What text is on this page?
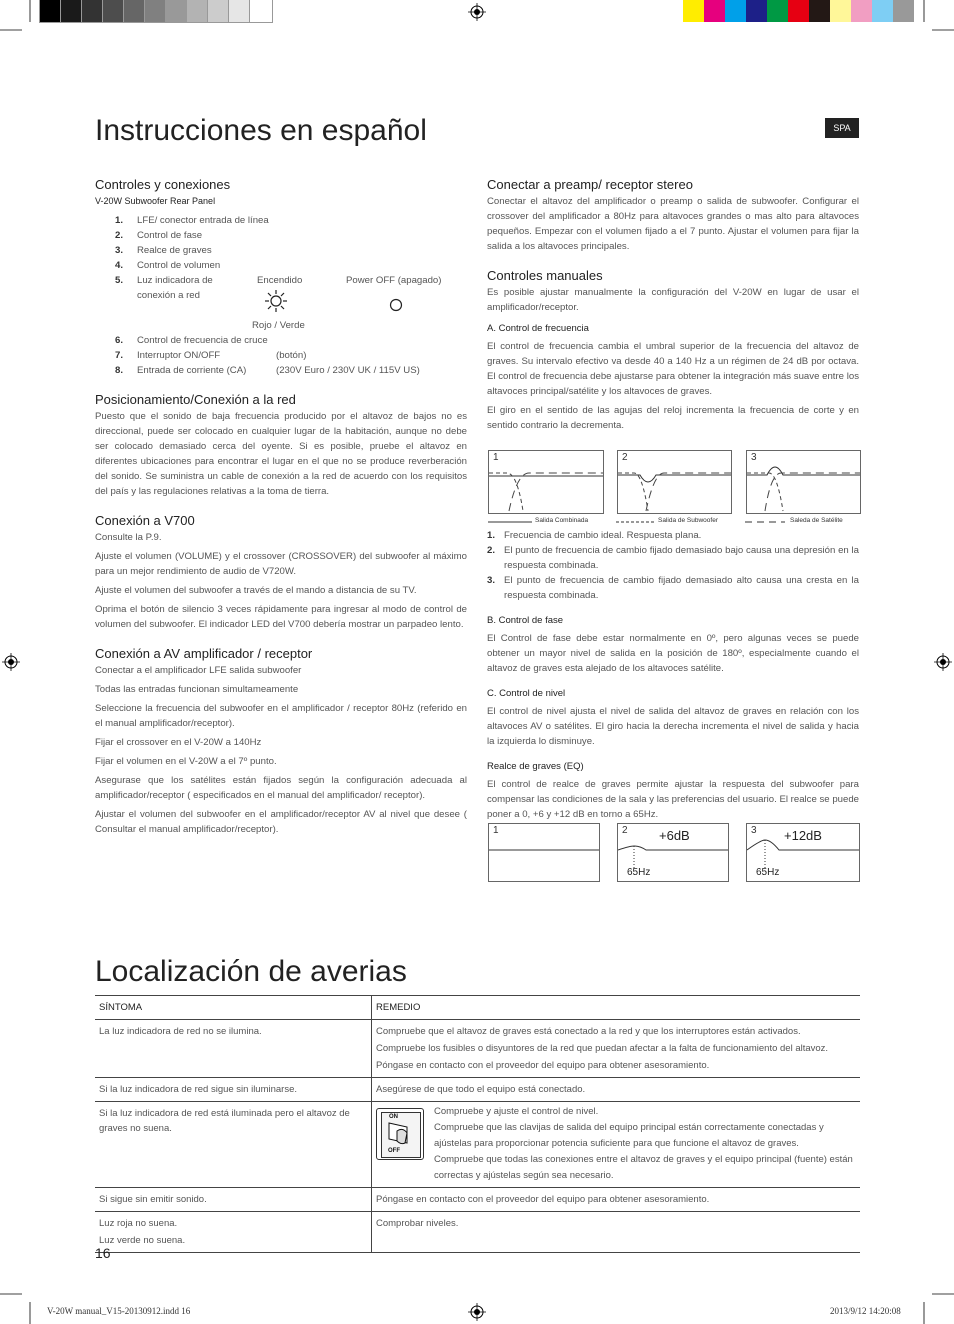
Instrucciones en español	SPA
Controles y conexiones
V-20W Subwoofer Rear Panel
1. LFE/ conector entrada de línea
2. Control de fase
3. Realce de graves
4. Control de volumen
5. Luz indicadora de
conexión a red
Encendido	Power OFF (apagado)
Rojo / Verde
6. Control de frecuencia de cruce
7. Interruptor ON/OFF	(botón)
8. Entrada de corriente (CA)	(230V Euro / 230V UK / 115V US)
Posicionamiento/Conexión a la red

Puesto que el sonido de baja frecuencia producido por el altavoz de bajos no es direccional, puede ser colocado en cualquier lugar de la habitación, aunque no debe ser colocado demasiado cerca del oyente. Si es posible, pruebe el altavoz en diferentes ubicaciones para encontrar el lugar en el que no se produce reverberación del sonido. Se suministra un cable de conexión a la red de acuerdo con los requisitos del país y las regulaciones relativas a la toma de tierra.

Conexión a V700

Consulte la P.9.

Ajuste el volumen (VOLUME) y el crossover (CROSSOVER) del subwoofer al máximo para un mejor rendimiento de audio de V720W.

Ajuste el volumen del subwoofer a través de el mando a distancia de su TV.

Oprima el botón de silencio 3 veces rápidamente para ingresar al modo de control de volumen del subwoofer. El indicador LED del V700 debería mostrar un parpadeo lento.

Conexión a AV amplificador / receptor

Conectar a el amplificador LFE salida subwoofer

Todas las entradas funcionan simultameamente

Seleccione la frecuencia del subwoofer en el amplificador / receptor 80Hz (referido en el manual amplificador/receptor).

Fijar el crossover en el V-20W a 140Hz

Fijar el volumen en el V-20W a el 7º punto.

Asegurase que los satélites están fijados según la configuración adecuada al amplificador/receptor ( especificados en el manual del amplificador/ receptor).

Ajustar el volumen del subwoofer en el amplificador/receptor AV al nivel que desee ( Consultar el manual amplificador/receptor).

Conectar a preamp/ receptor stereo

Conectar el altavoz del amplificador o preamp o salida de subwoofer. Configurar el crossover del amplificador a 80Hz para altavoces grandes o mas alto para altavoces pequeños. Empezar con el volumen fijado a el 7 punto. Ajustar el volumen para fijar la salida a los altavoces principales.

Controles manuales

Es posible ajustar manualmente la configuración del V-20W en lugar de usar el amplificador/receptor.

A. Control de frecuencia

El control de frecuencia cambia el umbral superior de la frecuencia del altavoz de graves. Su intervalo efectivo va desde 40 a 140 Hz a un régimen de 24 dB por octava. El control de frecuencia debe ajustarse para obtener la integración más suave entre los altavoces principal/satélite y los altavoces de graves.

El giro en el sentido de las agujas del reloj incrementa la frecuencia de corte y en sentido contrario la decrementa.

1	2	3
Salida Combinada	Salida de Subwoofer	Saleda de Satélite
1. Frecuencia de cambio ideal. Respuesta plana.
2. El punto de frecuencia de cambio fijado demasiado bajo causa una depresión en la respuesta combinada.
3. El punto de frecuencia de cambio fijado demasiado alto causa una cresta en la respuesta combinada.
B. Control de fase

El Control de fase debe estar normalmente en 0º, pero algunas veces se puede obtener un mayor nivel de salida en la posición de 180º, especialmente cuando el altavoz de graves esta alejado de los altavoces satélite.

C. Control de nivel

El control de nivel ajusta el nivel de salida del altavoz de graves en relación con los altavoces AV o satélites. El giro hacia la derecha incrementa el nivel de salida y hacia la izquierda lo disminuye.

Realce de graves (EQ)

El control de realce de graves permite ajustar la respuesta del subwoofer para compensar las condiciones de la sala y las preferencias del usuario. El realce se puede poner a 0, +6 y +12 dB en torno a 65Hz.

1	2 +6dB
65Hz
3 +12dB
65Hz
Localización de averias
SÍNTOMA	REMEDIO

La luz indicadora de red no se ilumina.	Compruebe que el altavoz de graves está conectado a la red y que los interruptores están activados.
Compruebe los fusibles o disyuntores de la red que puedan afectar a la falta de funcionamiento del altavoz.
Póngase en contacto con el proveedor del equipo para obtener asesoramiento.

Si la luz indicadora de red sigue sin iluminarse.	Asegúrese de que todo el equipo está conectado.

Si la luz indicadora de red está iluminada pero el altavoz de graves no suena.	ON
OFF
Compruebe y ajuste el control de nivel.
Compruebe que las clavijas de salida del equipo principal están correctamente conectadas y ajústelas para proporcionar potencia suficiente para que funcione el altavoz de graves.
Compruebe que todas las conexiones entre el altavoz de graves y el equipo principal (fuente) están correctas y ajústelas según sea necesario.

Si sigue sin emitir sonido.	Póngase en contacto con el proveedor del equipo para obtener asesoramiento.

Luz roja no suena.
Luz verde no suena.	Comprobar niveles.
16
V-20W manual_V15-20130912.indd 16	2013/9/12 14:20:08
